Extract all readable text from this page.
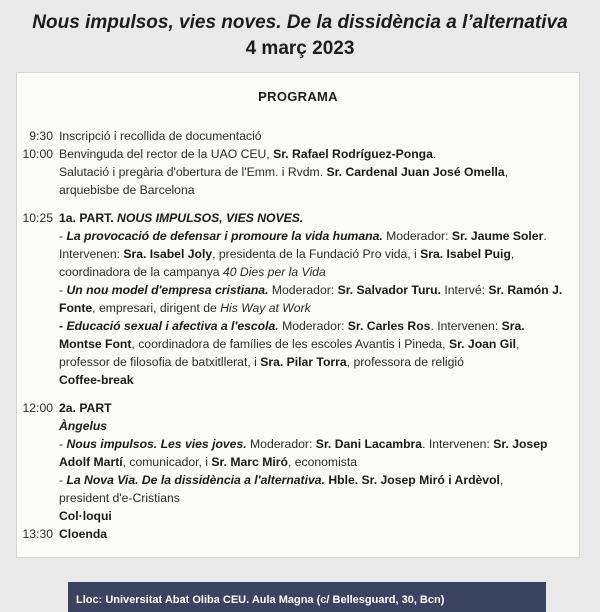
Nous impulsos, vies noves. De la dissidència a l’alternativa
4 març 2023
PROGRAMA
9:30 Inscripció i recollida de documentació

10:00 Benvinguda del rector de la UAO CEU, Sr. Rafael Rodríguez-Ponga.

Salutació i pregària d'obertura de l'Emm. i Rvdm. Sr. Cardenal Juan José Omella,

arquebisbe de Barcelona

10:25 1a. PART. NOUS IMPULSOS, VIES NOVES.

- La provocació de defensar i promoure la vida humana. Moderador: Sr. Jaume Soler. Intervenen: Sra. Isabel Joly, presidenta de la Fundació Pro vida, i Sra. Isabel Puig, coordinadora de la campanya 40 Dies per la Vida

- Un nou model d'empresa cristiana. Moderador: Sr. Salvador Turu. Intervé: Sr. Ramón J. Fonte, empresari, dirigent de His Way at Work

- Educació sexual i afectiva a l'escola. Moderador: Sr. Carles Ros. Intervenen: Sra. Montse Font, coordinadora de famílies de les escoles Avantis i Pineda, Sr. Joan Gil, professor de filosofia de batxitllerat, i Sra. Pilar Torra, professora de religió

Coffee-break

12:00 2a. PART

Àngelus

- Nous impulsos. Les vies joves. Moderador: Sr. Dani Lacambra. Intervenen: Sr. Josep Adolf Martí, comunicador, i Sr. Marc Miró, economista

- La Nova Via. De la dissidència a l'alternativa. Hble. Sr. Josep Miró i Ardèvol,

president d'e-Cristians

Col·loqui

13:30 Cloenda

Lloc: Universitat Abat Oliba CEU. Aula Magna (c/ Bellesguard, 30, Bcn)
